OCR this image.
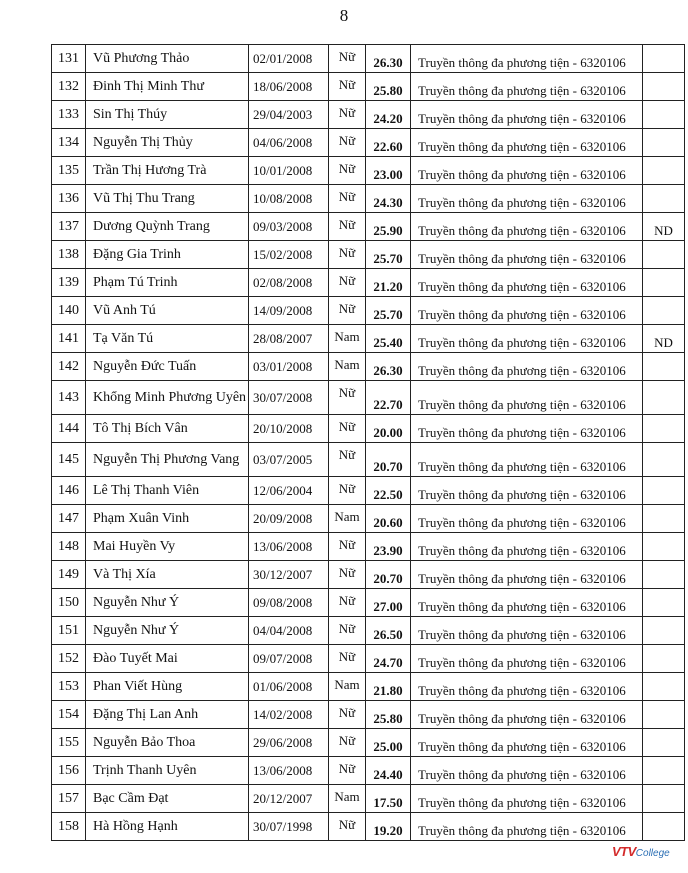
8
131	Vũ Phương Thảo	02/01/2008	Nữ	26.30	Truyền thông đa phương tiện - 6320106	
132	Đinh Thị Minh Thư	18/06/2008	Nữ	25.80	Truyền thông đa phương tiện - 6320106	
133	Sin Thị Thúy	29/04/2003	Nữ	24.20	Truyền thông đa phương tiện - 6320106	
134	Nguyễn Thị Thủy	04/06/2008	Nữ	22.60	Truyền thông đa phương tiện - 6320106	
135	Trần Thị Hương Trà	10/01/2008	Nữ	23.00	Truyền thông đa phương tiện - 6320106	
136	Vũ Thị Thu Trang	10/08/2008	Nữ	24.30	Truyền thông đa phương tiện - 6320106	
137	Dương Quỳnh Trang	09/03/2008	Nữ	25.90	Truyền thông đa phương tiện - 6320106	ND
138	Đặng Gia Trinh	15/02/2008	Nữ	25.70	Truyền thông đa phương tiện - 6320106	
139	Phạm Tú Trinh	02/08/2008	Nữ	21.20	Truyền thông đa phương tiện - 6320106	
140	Vũ Anh Tú	14/09/2008	Nữ	25.70	Truyền thông đa phương tiện - 6320106	
141	Tạ Văn Tú	28/08/2007	Nam	25.40	Truyền thông đa phương tiện - 6320106	ND
142	Nguyễn Đức Tuấn	03/01/2008	Nam	26.30	Truyền thông đa phương tiện - 6320106	
143	Khổng Minh Phương Uyên	30/07/2008	Nữ	22.70	Truyền thông đa phương tiện - 6320106	
144	Tô Thị Bích Vân	20/10/2008	Nữ	20.00	Truyền thông đa phương tiện - 6320106	
145	Nguyễn Thị Phương Vang	03/07/2005	Nữ	20.70	Truyền thông đa phương tiện - 6320106	
146	Lê Thị Thanh Viên	12/06/2004	Nữ	22.50	Truyền thông đa phương tiện - 6320106	
147	Phạm Xuân Vinh	20/09/2008	Nam	20.60	Truyền thông đa phương tiện - 6320106	
148	Mai Huyền Vy	13/06/2008	Nữ	23.90	Truyền thông đa phương tiện - 6320106	
149	Và Thị Xía	30/12/2007	Nữ	20.70	Truyền thông đa phương tiện - 6320106	
150	Nguyễn Như Ý	09/08/2008	Nữ	27.00	Truyền thông đa phương tiện - 6320106	
151	Nguyễn Như Ý	04/04/2008	Nữ	26.50	Truyền thông đa phương tiện - 6320106	
152	Đào Tuyết Mai	09/07/2008	Nữ	24.70	Truyền thông đa phương tiện - 6320106	
153	Phan Viết Hùng	01/06/2008	Nam	21.80	Truyền thông đa phương tiện - 6320106	
154	Đặng Thị Lan Anh	14/02/2008	Nữ	25.80	Truyền thông đa phương tiện - 6320106	
155	Nguyễn Bảo Thoa	29/06/2008	Nữ	25.00	Truyền thông đa phương tiện - 6320106	
156	Trịnh Thanh Uyên	13/06/2008	Nữ	24.40	Truyền thông đa phương tiện - 6320106	
157	Bạc Cầm Đạt	20/12/2007	Nam	17.50	Truyền thông đa phương tiện - 6320106	
158	Hà Hồng Hạnh	30/07/1998	Nữ	19.20	Truyền thông đa phương tiện - 6320106	
VTVCollege
